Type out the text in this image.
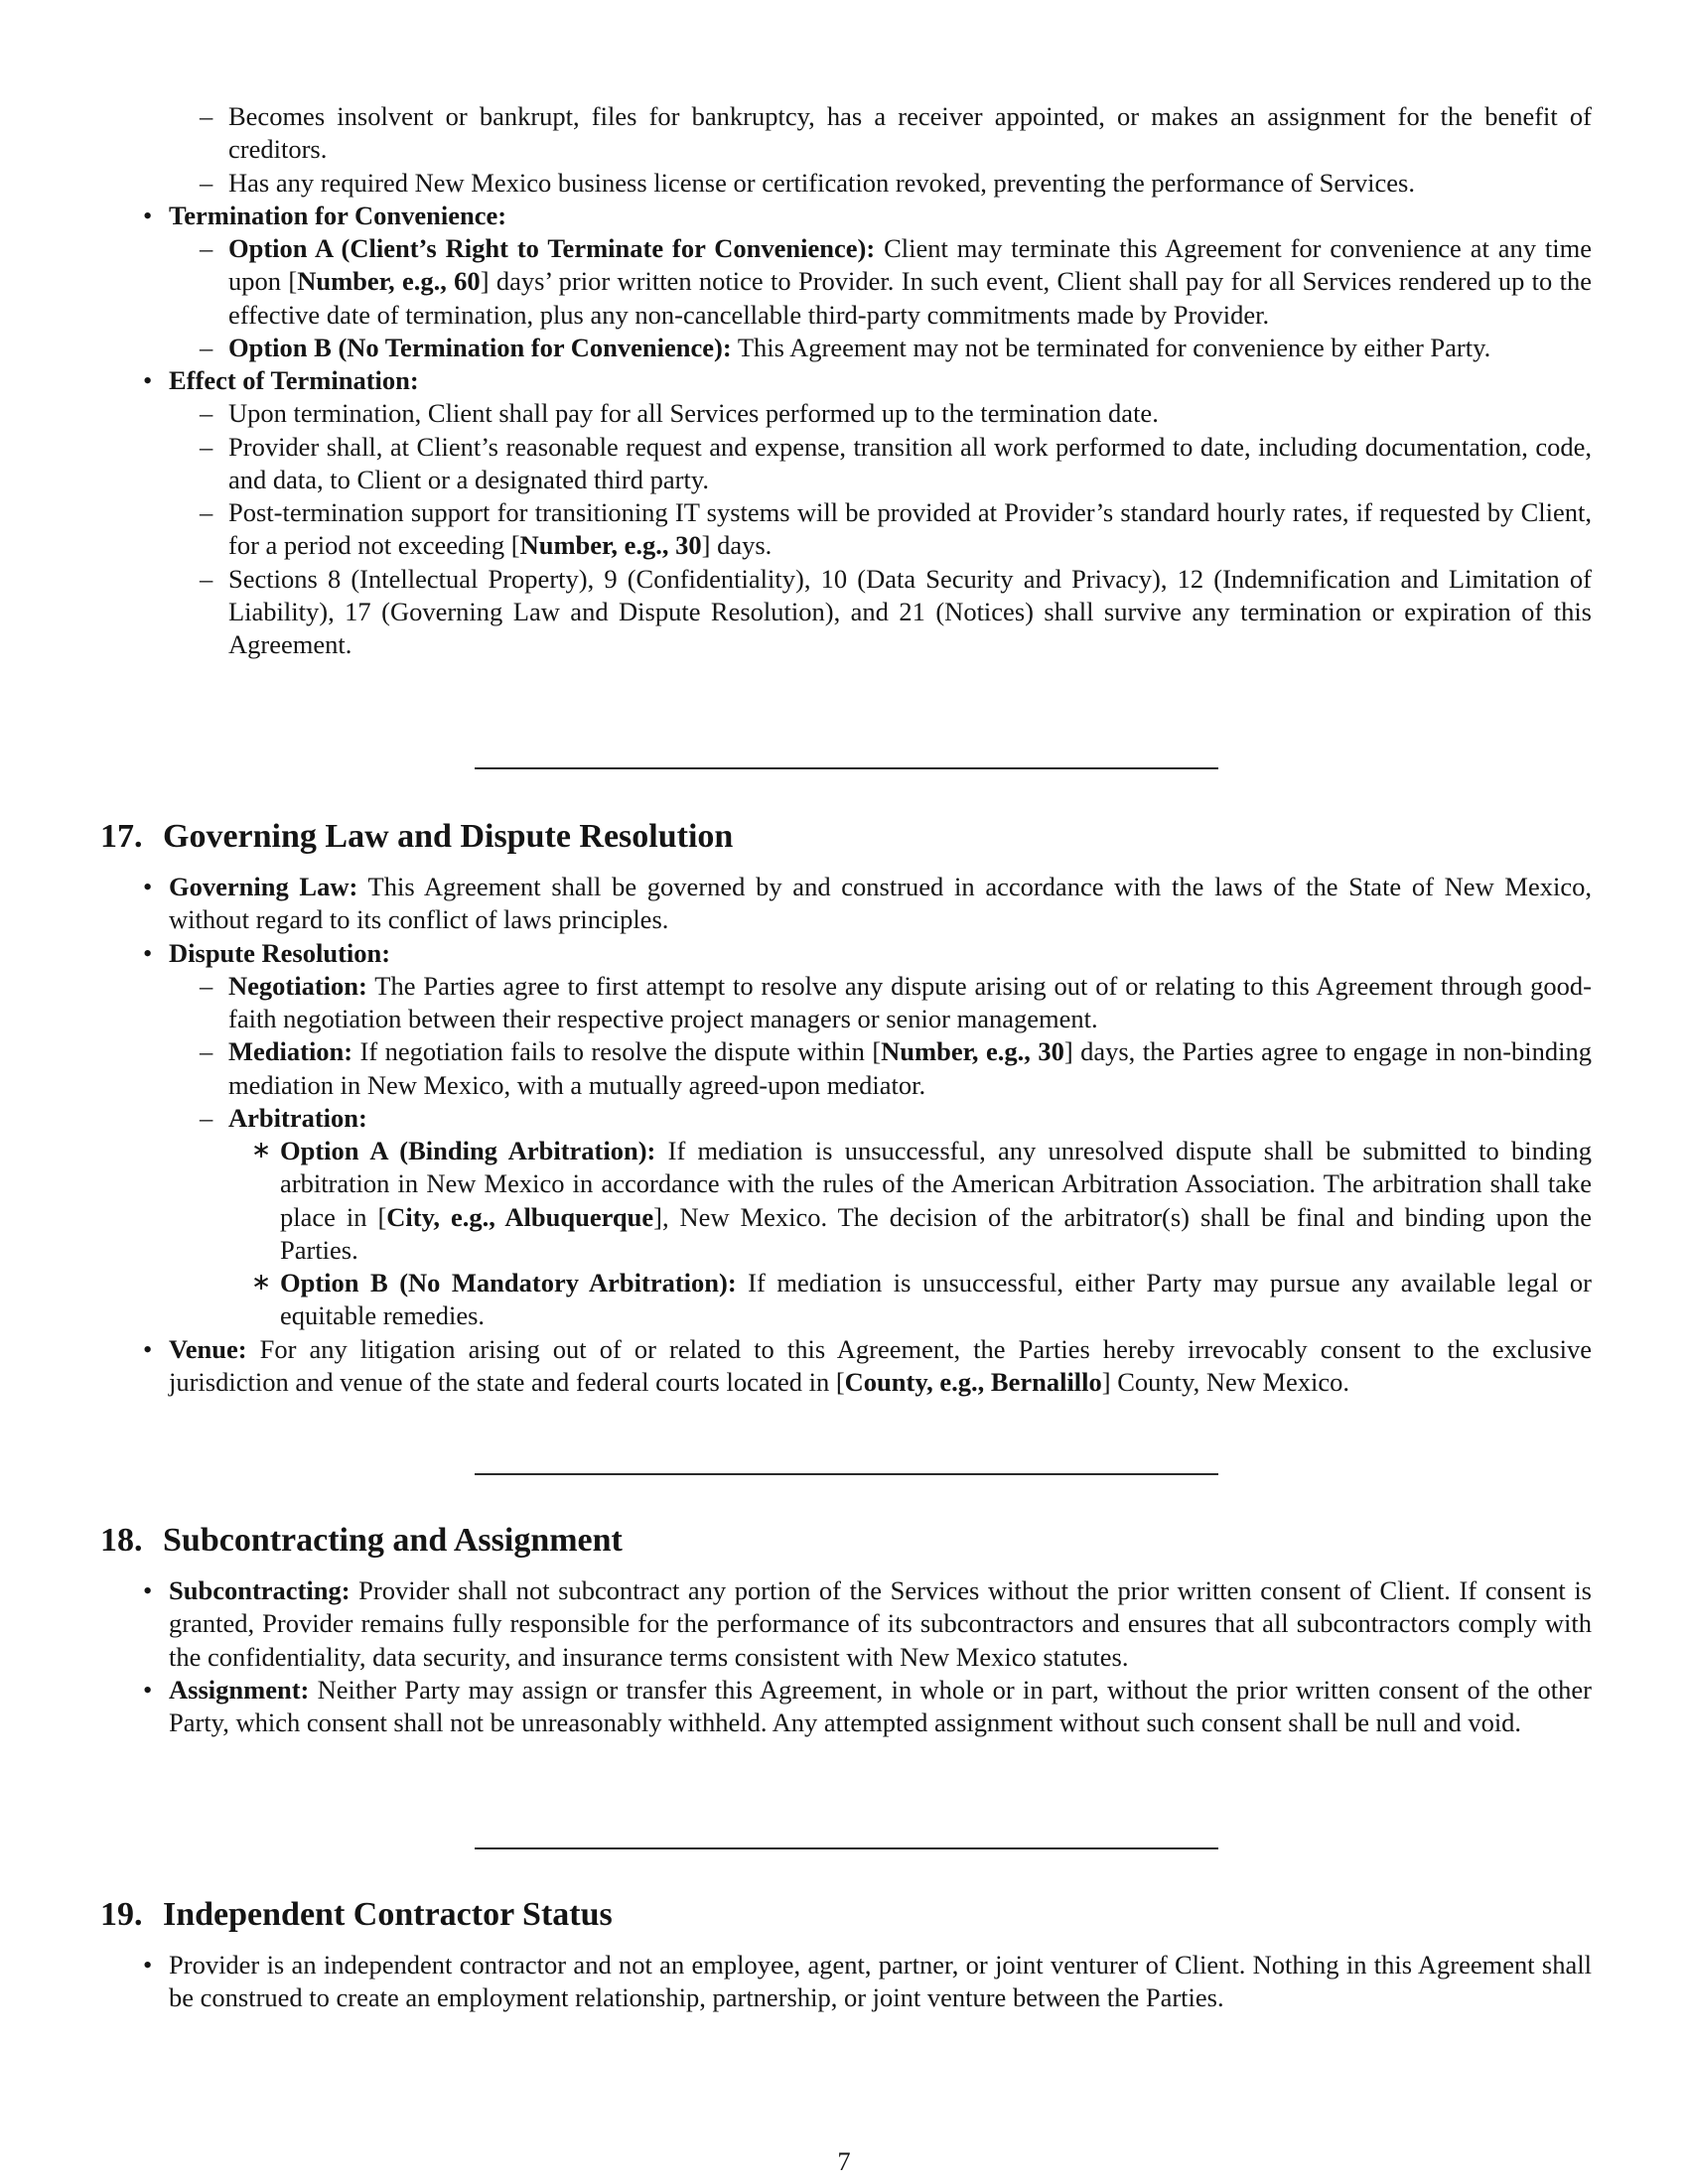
– Becomes insolvent or bankrupt, files for bankruptcy, has a receiver appointed, or makes an assignment for the benefit of creditors.
– Has any required New Mexico business license or certification revoked, preventing the performance of Services.
• Termination for Convenience:
– Option A (Client’s Right to Terminate for Convenience): Client may terminate this Agreement for convenience at any time upon [Number, e.g., 60] days’ prior written notice to Provider. In such event, Client shall pay for all Services rendered up to the effective date of termination, plus any non-cancellable third-party commitments made by Provider.
– Option B (No Termination for Convenience): This Agreement may not be terminated for convenience by either Party.
• Effect of Termination:
– Upon termination, Client shall pay for all Services performed up to the termination date.
– Provider shall, at Client’s reasonable request and expense, transition all work performed to date, including documentation, code, and data, to Client or a designated third party.
– Post-termination support for transitioning IT systems will be provided at Provider’s standard hourly rates, if requested by Client, for a period not exceeding [Number, e.g., 30] days.
– Sections 8 (Intellectual Property), 9 (Confidentiality), 10 (Data Security and Privacy), 12 (Indemnification and Limitation of Liability), 17 (Governing Law and Dispute Resolution), and 21 (Notices) shall survive any termination or expiration of this Agreement.
17. Governing Law and Dispute Resolution
• Governing Law: This Agreement shall be governed by and construed in accordance with the laws of the State of New Mexico, without regard to its conflict of laws principles.
• Dispute Resolution:
– Negotiation: The Parties agree to first attempt to resolve any dispute arising out of or relating to this Agreement through good-faith negotiation between their respective project managers or senior management.
– Mediation: If negotiation fails to resolve the dispute within [Number, e.g., 30] days, the Parties agree to engage in non-binding mediation in New Mexico, with a mutually agreed-upon mediator.
– Arbitration:
∗ Option A (Binding Arbitration): If mediation is unsuccessful, any unresolved dispute shall be submitted to binding arbitration in New Mexico in accordance with the rules of the American Arbitration Association. The arbitration shall take place in [City, e.g., Albuquerque], New Mexico. The decision of the arbitrator(s) shall be final and binding upon the Parties.
∗ Option B (No Mandatory Arbitration): If mediation is unsuccessful, either Party may pursue any available legal or equitable remedies.
• Venue: For any litigation arising out of or related to this Agreement, the Parties hereby irrevocably consent to the exclusive jurisdiction and venue of the state and federal courts located in [County, e.g., Bernalillo] County, New Mexico.
18. Subcontracting and Assignment
• Subcontracting: Provider shall not subcontract any portion of the Services without the prior written consent of Client. If consent is granted, Provider remains fully responsible for the performance of its subcontractors and ensures that all subcontractors comply with the confidentiality, data security, and insurance terms consistent with New Mexico statutes.
• Assignment: Neither Party may assign or transfer this Agreement, in whole or in part, without the prior written consent of the other Party, which consent shall not be unreasonably withheld. Any attempted assignment without such consent shall be null and void.
19. Independent Contractor Status
• Provider is an independent contractor and not an employee, agent, partner, or joint venturer of Client. Nothing in this Agreement shall be construed to create an employment relationship, partnership, or joint venture between the Parties.
7
